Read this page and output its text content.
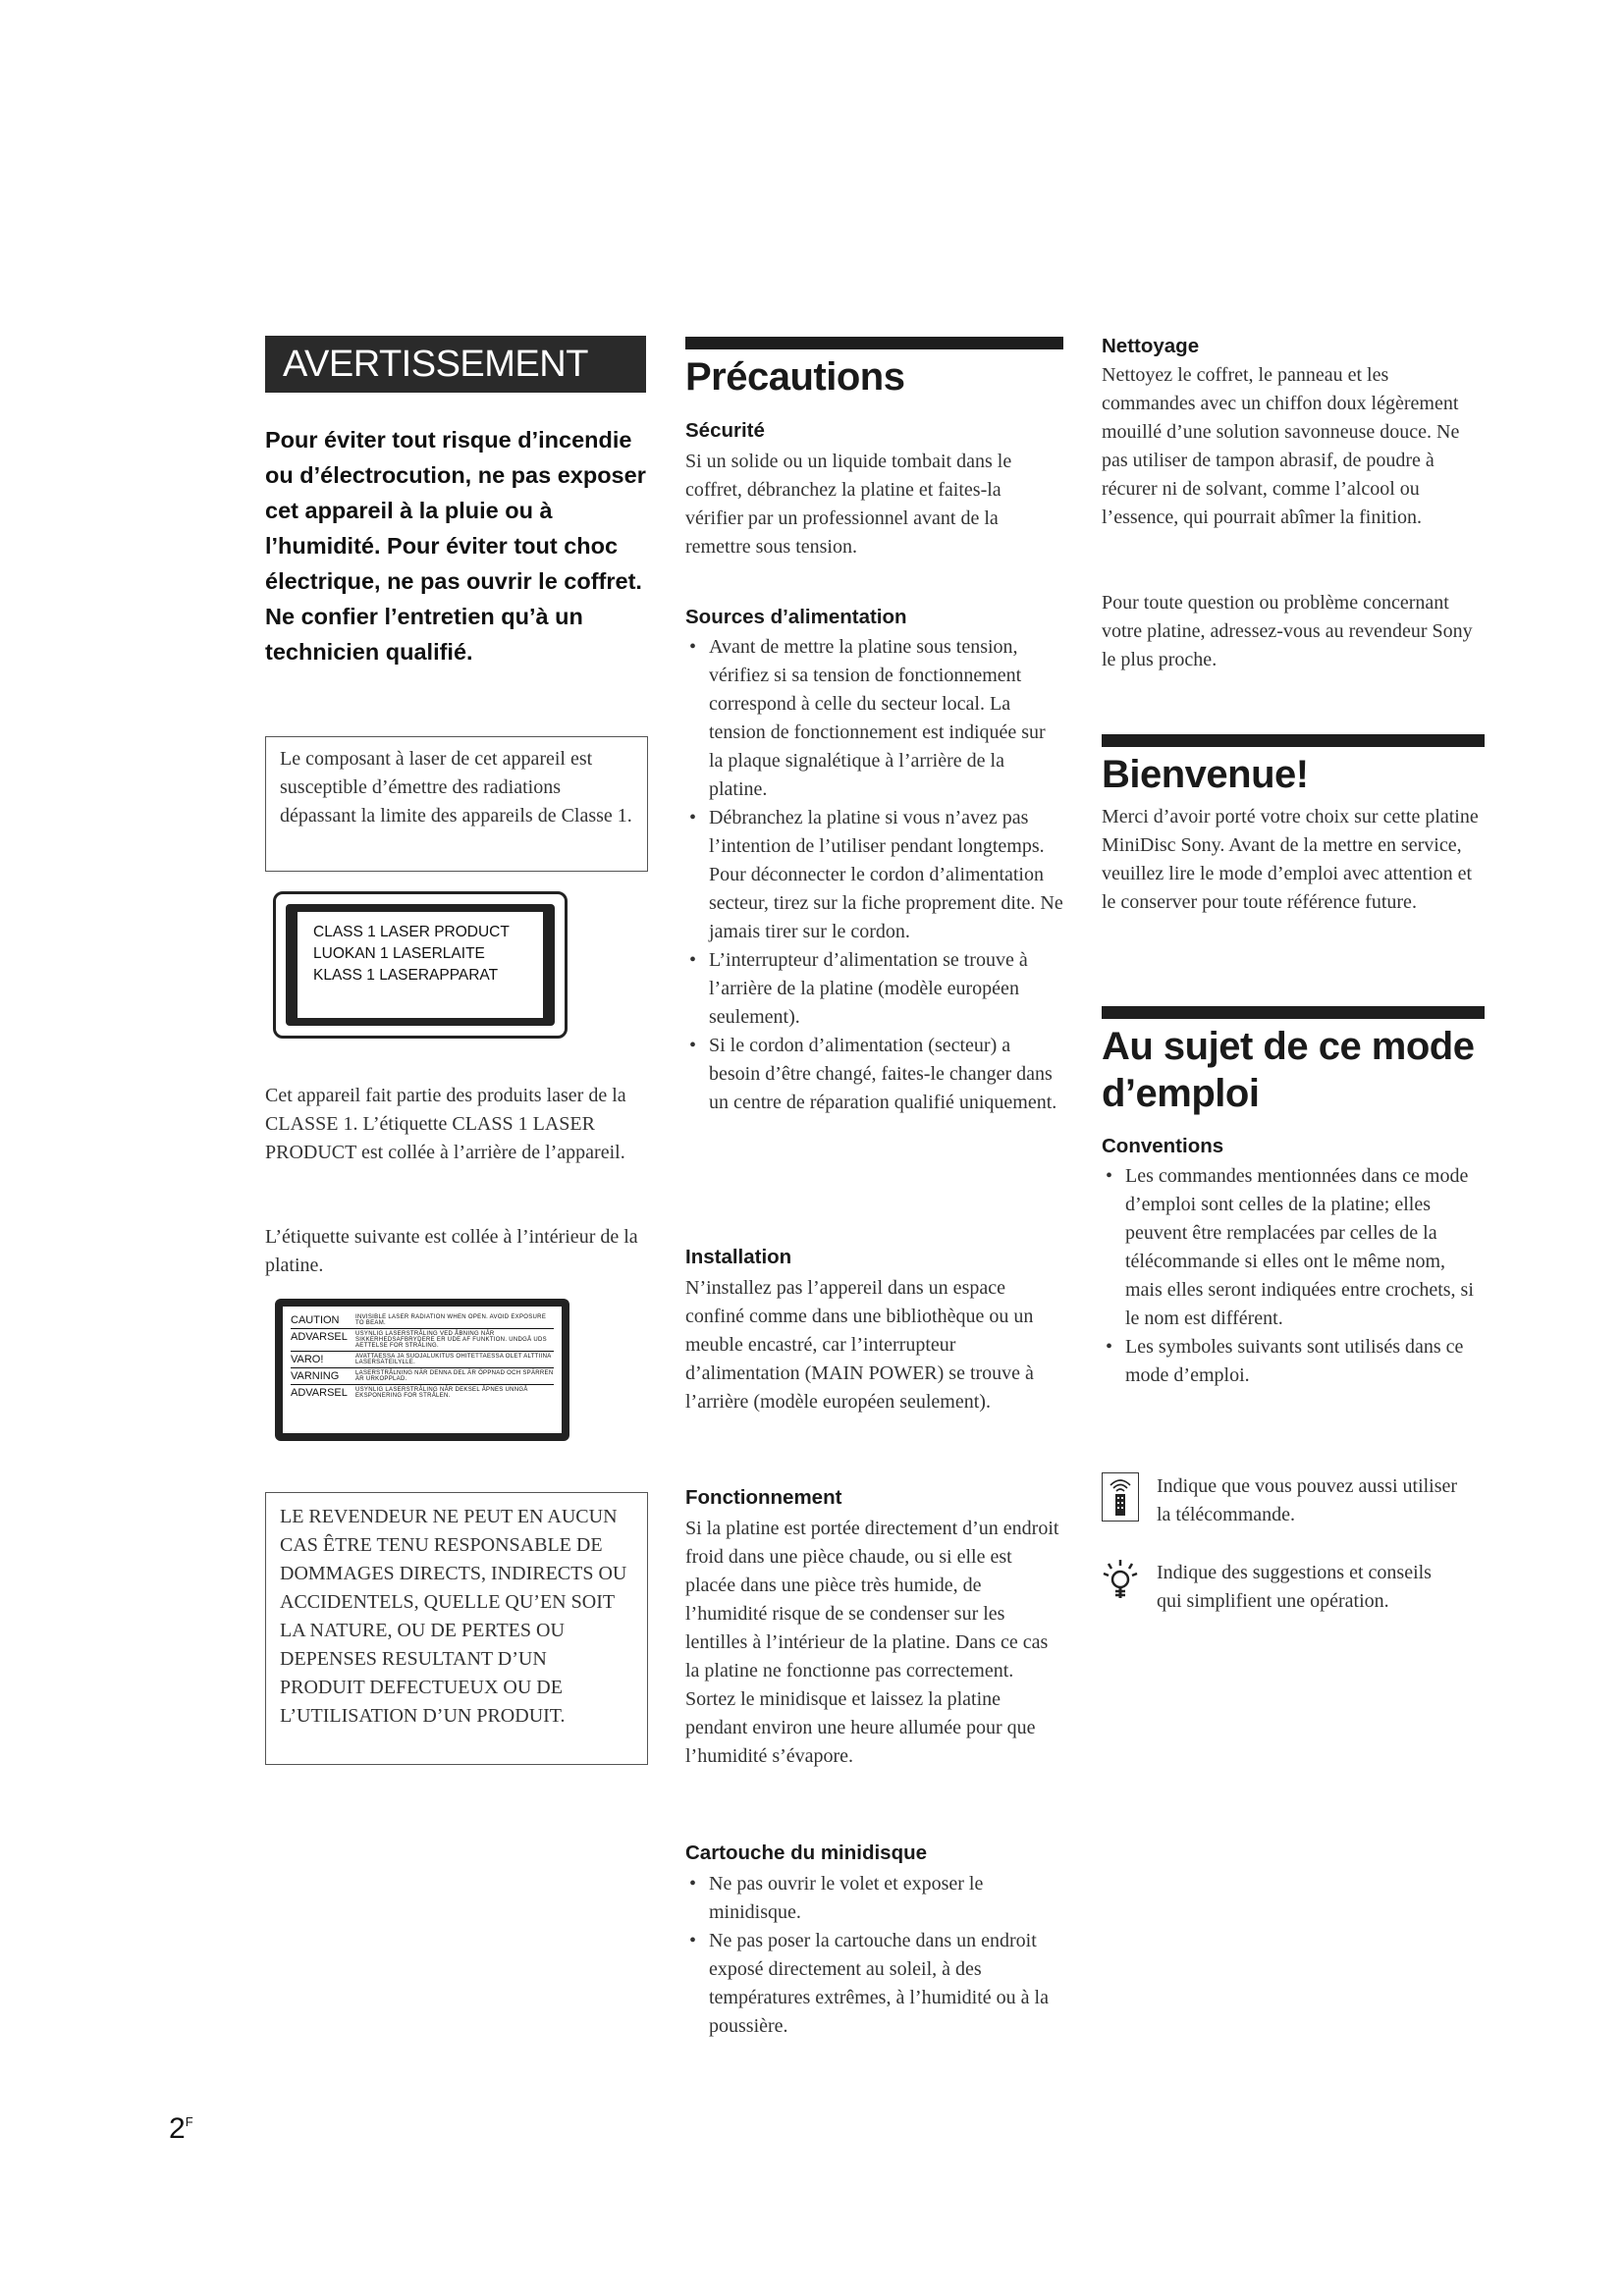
AVERTISSEMENT

Pour éviter tout risque d’incendie ou d’électrocution, ne pas exposer cet appareil à la pluie ou à l’humidité. Pour éviter tout choc électrique, ne pas ouvrir le coffret. Ne confier l’entretien qu’à un technicien qualifié.

Le composant à laser de cet appareil est susceptible d’émettre des radiations dépassant la limite des appareils de Classe 1.

CLASS 1 LASER PRODUCT
LUOKAN 1 LASERLAITE
KLASS 1 LASERAPPARAT

Cet appareil fait partie des produits laser de la CLASSE 1. L’étiquette CLASS 1 LASER PRODUCT est collée à l’arrière de l’appareil.

L’étiquette suivante est collée à l’intérieur de la platine.

CAUTION	INVISIBLE LASER RADIATION WHEN OPEN. AVOID EXPOSURE TO BEAM.
ADVARSEL	USYNLIG LASERSTRÅLING VED ÅBNING NÅR SIKKERHEDSAFBRYDERE ER UDE AF FUNKTION. UNDGÅ UDS AETTELSE FOR STRÅLING.
VARO!	AVATTAESSA JA SUOJALUKITUS OHITETTAESSA OLET ALTTIINA LASERSÄTEILYLLE.
VARNING	LASERSTRÅLNING NÄR DENNA DEL ÄR ÖPPNAD OCH SPÄRREN ÄR URKOPPLAD.
ADVARSEL	USYNLIG LASERSTRÅLING NÅR DEKSEL ÅPNES UNNGÅ EKSPONERING FOR STRÅLEN.

LE REVENDEUR NE PEUT EN AUCUN CAS ÊTRE TENU RESPONSABLE DE DOMMAGES DIRECTS, INDIRECTS OU ACCIDENTELS, QUELLE QU’EN SOIT LA NATURE, OU DE PERTES OU DEPENSES RESULTANT D’UN PRODUIT DEFECTUEUX OU DE L’UTILISATION D’UN PRODUIT.

Précautions
Sécurité

Si un solide ou un liquide tombait dans le coffret, débranchez la platine et faites-la vérifier par un professionnel avant de la remettre sous tension.

Sources d’alimentation
• Avant de mettre la platine sous tension, vérifiez si sa tension de fonctionnement correspond à celle du secteur local. La tension de fonctionnement est indiquée sur la plaque signalétique à l’arrière de la platine.
• Débranchez la platine si vous n’avez pas l’intention de l’utiliser pendant longtemps. Pour déconnecter le cordon d’alimentation secteur, tirez sur la fiche proprement dite. Ne jamais tirer sur le cordon.
• L’interrupteur d’alimentation se trouve à l’arrière de la platine (modèle européen seulement).
• Si le cordon d’alimentation (secteur) a besoin d’être changé, faites-le changer dans un centre de réparation qualifié uniquement.
Installation

N’installez pas l’appereil dans un espace confiné comme dans une bibliothèque ou un meuble encastré, car l’interrupteur d’alimentation (MAIN POWER) se trouve à l’arrière (modèle européen seulement).

Fonctionnement

Si la platine est portée directement d’un endroit froid dans une pièce chaude, ou si elle est placée dans une pièce très humide, de l’humidité risque de se condenser sur les lentilles à l’intérieur de la platine. Dans ce cas la platine ne fonctionne pas correctement. Sortez le minidisque et laissez la platine pendant environ une heure allumée pour que l’humidité s’évapore.

Cartouche du minidisque
• Ne pas ouvrir le volet et exposer le minidisque.
• Ne pas poser la cartouche dans un endroit exposé directement au soleil, à des températures extrêmes, à l’humidité ou à la poussière.
Nettoyage

Nettoyez le coffret, le panneau et les commandes avec un chiffon doux légèrement mouillé d’une solution savonneuse douce. Ne pas utiliser de tampon abrasif, de poudre à récurer ni de solvant, comme l’alcool ou l’essence, qui pourrait abîmer la finition.

Pour toute question ou problème concernant votre platine, adressez-vous au revendeur Sony le plus proche.

Bienvenue!

Merci d’avoir porté votre choix sur cette platine MiniDisc Sony. Avant de la mettre en service, veuillez lire le mode d’emploi avec attention et le conserver pour toute référence future.

Au sujet de ce mode d’emploi
Conventions
• Les commandes mentionnées dans ce mode d’emploi sont celles de la platine; elles peuvent être remplacées par celles de la télécommande si elles ont le même nom, mais elles seront indiquées entre crochets, si le nom est différent.
• Les symboles suivants sont utilisés dans ce mode d’emploi.

Indique que vous pouvez aussi utiliser la télécommande.

Indique des suggestions et conseils qui simplifient une opération.

$2^F$
